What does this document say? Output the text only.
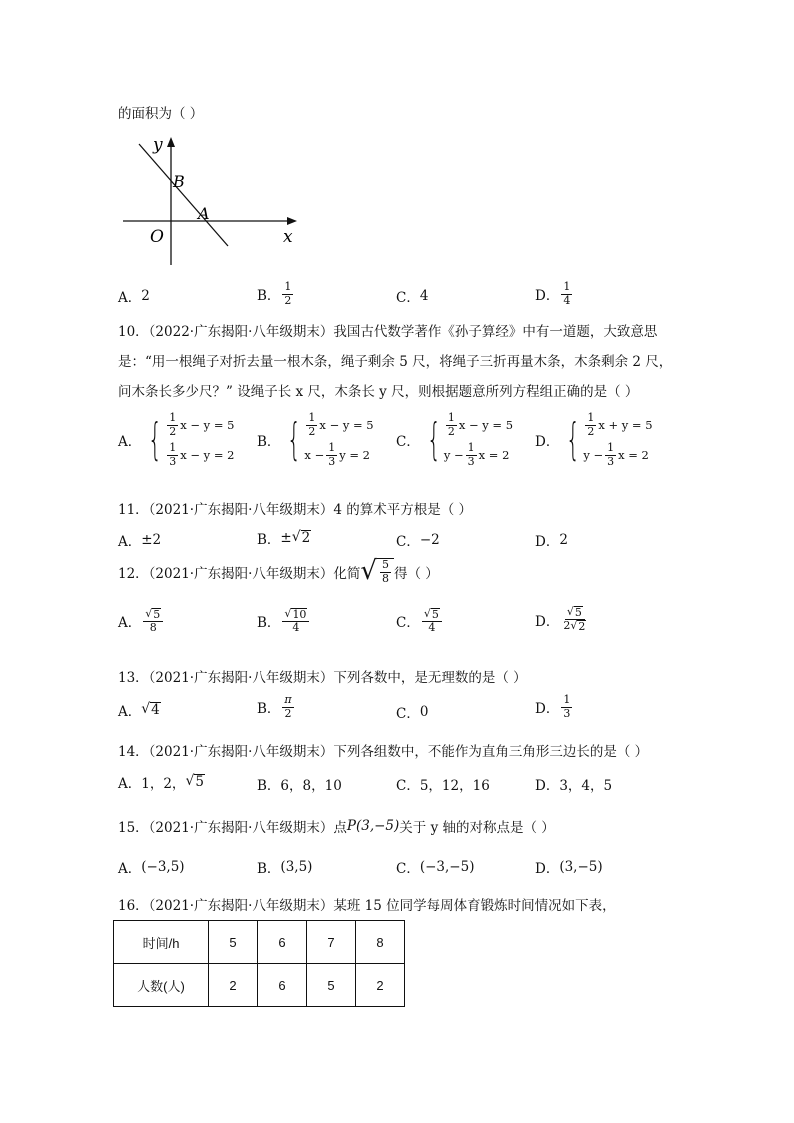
的面积为（ ）
y
B
A
O	x
A． 2	B． $\frac{1}{2}$	C． 4	D． $\frac{1}{4}$
10．（2022·广东揭阳·八年级期末）我国古代数学著作《孙子算经》中有一道题，大致意思
是：“用一根绳子对折去量一根木条，绳子剩余 5 尺，将绳子三折再量木条，木条剩余 2 尺，
问木条长多少尺？” 设绳子长 x 尺，木条长 y 尺，则根据题意所列方程组正确的是（ ）
A． { $\frac{1}{2}$ x − y = 5
$\frac{1}{3}$ x − y = 2
B． { $\frac{1}{2}$ x − y = 5
$x - \frac{1}{3}$ y = 2
C． { $\frac{1}{2}$ x − y = 5
$y - \frac{1}{3}$ x = 2
D． { $\frac{1}{2}$ x + y = 5
$y - \frac{1}{3}$ x = 2
11．（2021·广东揭阳·八年级期末）4 的算术平方根是（ ）
A． ±2	B． ± √ 2	C． −2	D． 2
12．（2021·广东揭阳·八年级期末）化简 √ $\frac{5}{8}$ 得（ ）
A． $\frac{√ 5}{8}$	B． $\frac{√ 10}{4}$	C． $\frac{√ 5}{4}$	D． $\frac{√ 5}{2 √ 2}$
13．（2021·广东揭阳·八年级期末）下列各数中，是无理数的是（ ）
A． √ 4	B． $\frac{\pi}{2}$	C． 0	D． $\frac{1}{3}$
14．（2021·广东揭阳·八年级期末）下列各组数中，不能作为直角三角形三边长的是（ ）
A． 1，2， √ 5	B． 6，8，10	C． 5，12，16	D． 3，4，5
15．（2021·广东揭阳·八年级期末）点 P(3,−5) 关于 y 轴的对称点是（ ）
A． (−3,5)	B． (3,5)	C． (−3,−5)	D． (3,−5)
16．（2021·广东揭阳·八年级期末）某班 15 位同学每周体育锻炼时间情况如下表，
时间/h	5	6	7	8
人数(人)	2	6	5	2
